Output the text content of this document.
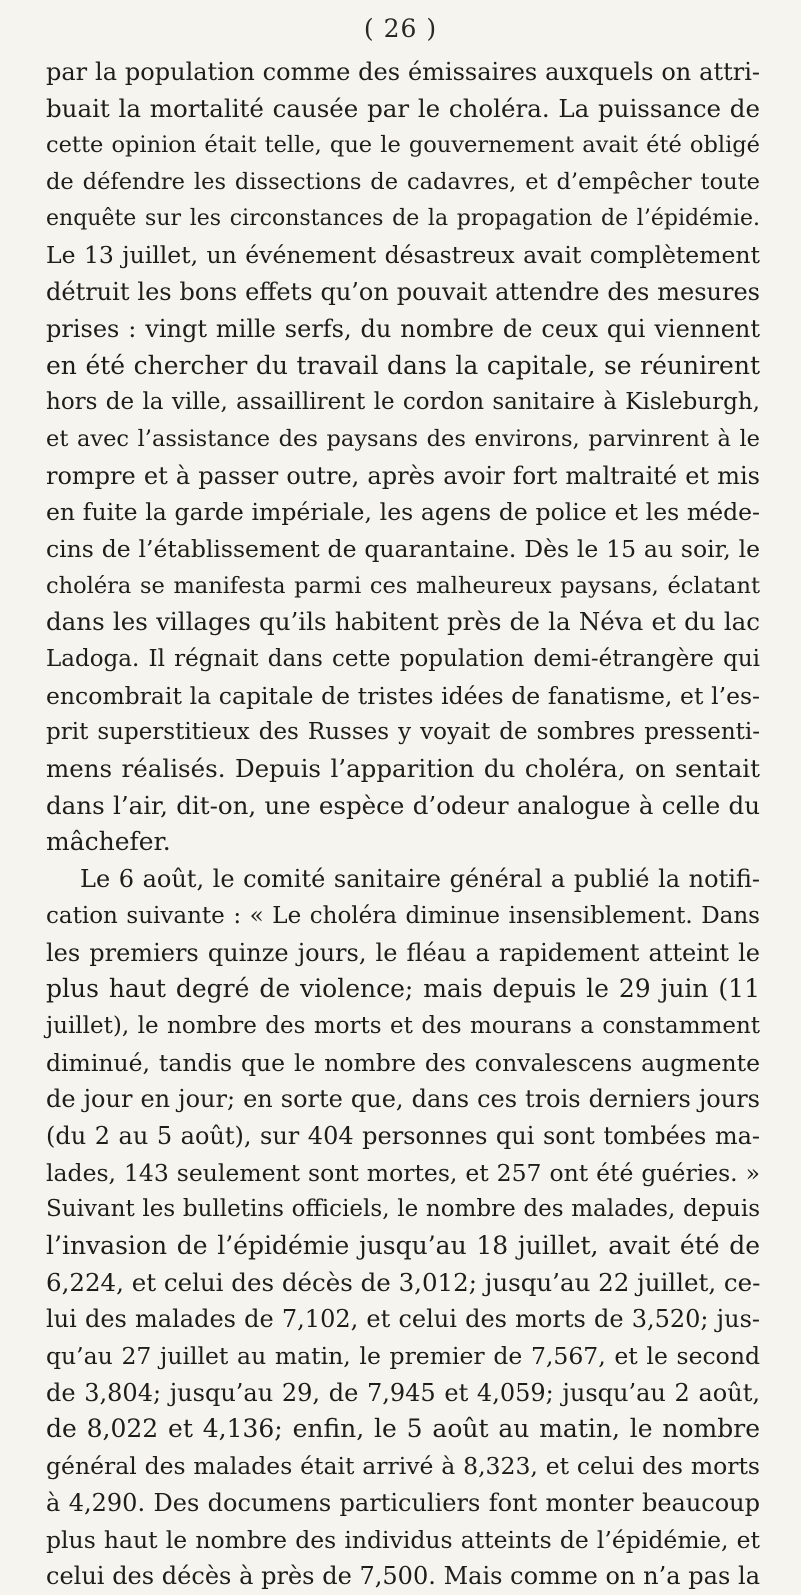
( 26 )
par la population comme des émissaires auxquels on attri-
buait la mortalité causée par le choléra. La puissance de
cette opinion était telle, que le gouvernement avait été obligé
de défendre les dissections de cadavres, et d’empêcher toute
enquête sur les circonstances de la propagation de l’épidémie.
Le 13 juillet, un événement désastreux avait complètement
détruit les bons effets qu’on pouvait attendre des mesures
prises : vingt mille serfs, du nombre de ceux qui viennent
en été chercher du travail dans la capitale, se réunirent
hors de la ville, assaillirent le cordon sanitaire à Kisleburgh,
et avec l’assistance des paysans des environs, parvinrent à le
rompre et à passer outre, après avoir fort maltraité et mis
en fuite la garde impériale, les agens de police et les méde-
cins de l’établissement de quarantaine. Dès le 15 au soir, le
choléra se manifesta parmi ces malheureux paysans, éclatant
dans les villages qu’ils habitent près de la Néva et du lac
Ladoga. Il régnait dans cette population demi-étrangère qui
encombrait la capitale de tristes idées de fanatisme, et l’es-
prit superstitieux des Russes y voyait de sombres pressenti-
mens réalisés. Depuis l’apparition du choléra, on sentait
dans l’air, dit-on, une espèce d’odeur analogue à celle du
mâchefer.
Le 6 août, le comité sanitaire général a publié la notifi-
cation suivante : « Le choléra diminue insensiblement. Dans
les premiers quinze jours, le fléau a rapidement atteint le
plus haut degré de violence; mais depuis le 29 juin (11
juillet), le nombre des morts et des mourans a constamment
diminué, tandis que le nombre des convalescens augmente
de jour en jour; en sorte que, dans ces trois derniers jours
(du 2 au 5 août), sur 404 personnes qui sont tombées ma-
lades, 143 seulement sont mortes, et 257 ont été guéries. »
Suivant les bulletins officiels, le nombre des malades, depuis
l’invasion de l’épidémie jusqu’au 18 juillet, avait été de
6,224, et celui des décès de 3,012; jusqu’au 22 juillet, ce-
lui des malades de 7,102, et celui des morts de 3,520; jus-
qu’au 27 juillet au matin, le premier de 7,567, et le second
de 3,804; jusqu’au 29, de 7,945 et 4,059; jusqu’au 2 août,
de 8,022 et 4,136; enfin, le 5 août au matin, le nombre
général des malades était arrivé à 8,323, et celui des morts
à 4,290. Des documens particuliers font monter beaucoup
plus haut le nombre des individus atteints de l’épidémie, et
celui des décès à près de 7,500. Mais comme on n’a pas la
